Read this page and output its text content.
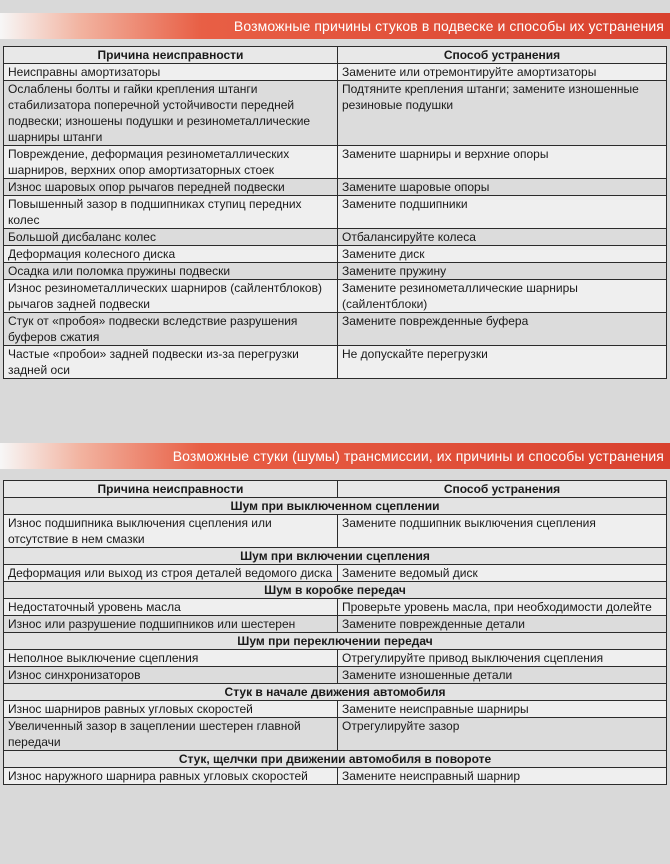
Возможные причины стуков в подвеске и способы их устранения
Причина неисправности	Способ устранения
Неисправны амортизаторы	Замените или отремонтируйте амортизаторы
Ослаблены болты и гайки крепления штанги стабилизатора поперечной устойчивости передней подвески; изношены подушки и резинометаллические шарниры штанги	Подтяните крепления штанги; замените изношенные резиновые подушки
Повреждение, деформация резинометаллических шарниров, верхних опор амортизаторных стоек	Замените шарниры и верхние опоры
Износ шаровых опор рычагов передней подвески	Замените шаровые опоры
Повышенный зазор в подшипниках ступиц передних колес	Замените подшипники
Большой дисбаланс колес	Отбалансируйте колеса
Деформация колесного диска	Замените диск
Осадка или поломка пружины подвески	Замените пружину
Износ резинометаллических шарниров (сайлентблоков) рычагов задней подвески	Замените резинометаллические шарниры (сайлентблоки)
Стук от «пробоя» подвески вследствие разрушения буферов сжатия	Замените поврежденные буфера
Частые «пробои» задней подвески из-за перегрузки задней оси	Не допускайте перегрузки
Возможные стуки (шумы) трансмиссии, их причины и способы устранения
Причина неисправности	Способ устранения
Шум при выключенном сцеплении	
Износ подшипника выключения сцепления или отсутствие в нем смазки	Замените подшипник выключения сцепления
Шум при включении сцепления	
Деформация или выход из строя деталей ведомого диска	Замените ведомый диск
Шум в коробке передач	
Недостаточный уровень масла	Проверьте уровень масла, при необходимости долейте
Износ или разрушение подшипников или шестерен	Замените поврежденные детали
Шум при переключении передач	
Неполное выключение сцепления	Отрегулируйте привод выключения сцепления
Износ синхронизаторов	Замените изношенные детали
Стук в начале движения автомобиля	
Износ шарниров равных угловых скоростей	Замените неисправные шарниры
Увеличенный зазор в зацеплении шестерен главной передачи	Отрегулируйте зазор
Стук, щелчки при движении автомобиля в повороте	
Износ наружного шарнира равных угловых скоростей	Замените неисправный шарнир
